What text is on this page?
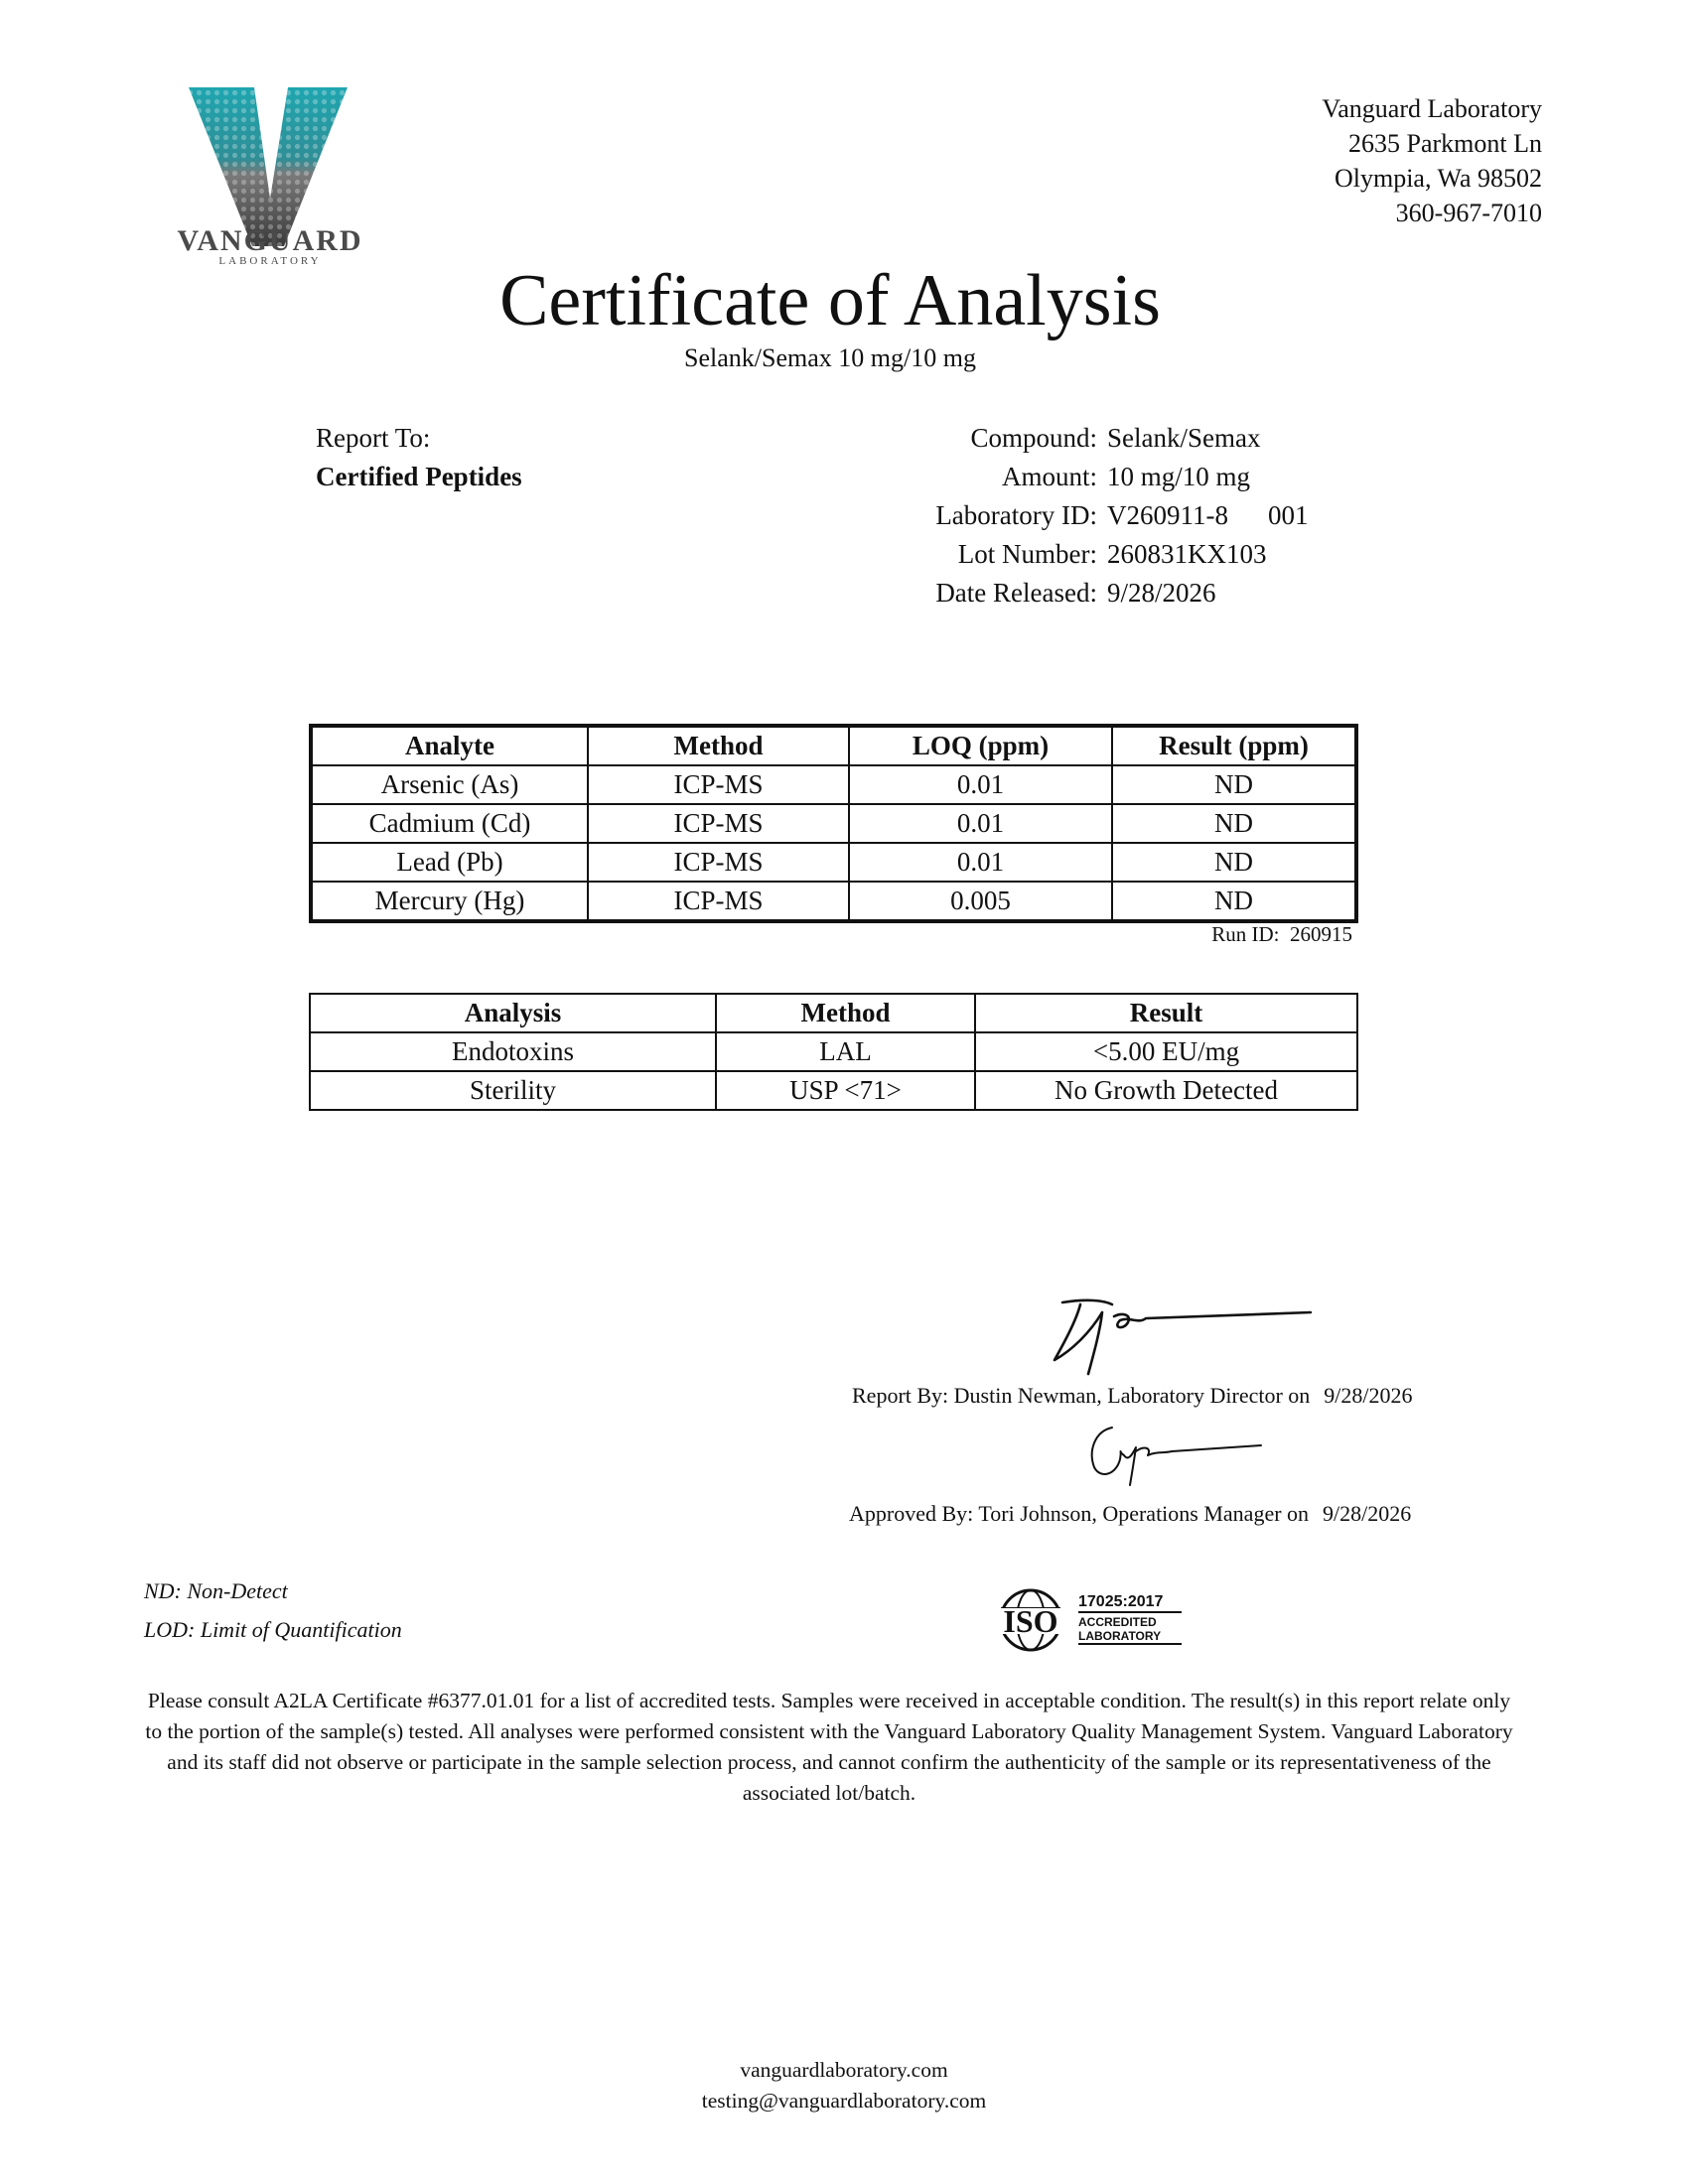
VANGUARD
LABORATORY
Vanguard Laboratory
2635 Parkmont Ln
Olympia, Wa 98502
360-967-7010
Certificate of Analysis
Selank/Semax 10 mg/10 mg
Report To:
Certified Peptides
Compound: Selank/Semax
Amount: 10 mg/10 mg
Laboratory ID: V260911-8 001
Lot Number: 260831KX103
Date Released: 9/28/2026
Analyte	Method	LOQ (ppm)	Result (ppm)
Arsenic (As)	ICP-MS	0.01	ND
Cadmium (Cd)	ICP-MS	0.01	ND
Lead (Pb)	ICP-MS	0.01	ND
Mercury (Hg)	ICP-MS	0.005	ND
Run ID: 260915
Analysis	Method	Result
Endotoxins	LAL	<5.00 EU/mg
Sterility	USP <71>	No Growth Detected
Report By: Dustin Newman, Laboratory Director on 9/28/2026
Approved By: Tori Johnson, Operations Manager on 9/28/2026
ND: Non-Detect
LOD: Limit of Quantification	ISO
17025:2017
ACCREDITED
LABORATORY
Please consult A2LA Certificate #6377.01.01 for a list of accredited tests. Samples were received in acceptable condition. The result(s) in this report relate only to the portion of the sample(s) tested. All analyses were performed consistent with the Vanguard Laboratory Quality Management System. Vanguard Laboratory and its staff did not observe or participate in the sample selection process, and cannot confirm the authenticity of the sample or its representativeness of the associated lot/batch.
vanguardlaboratory.com
testing@vanguardlaboratory.com
